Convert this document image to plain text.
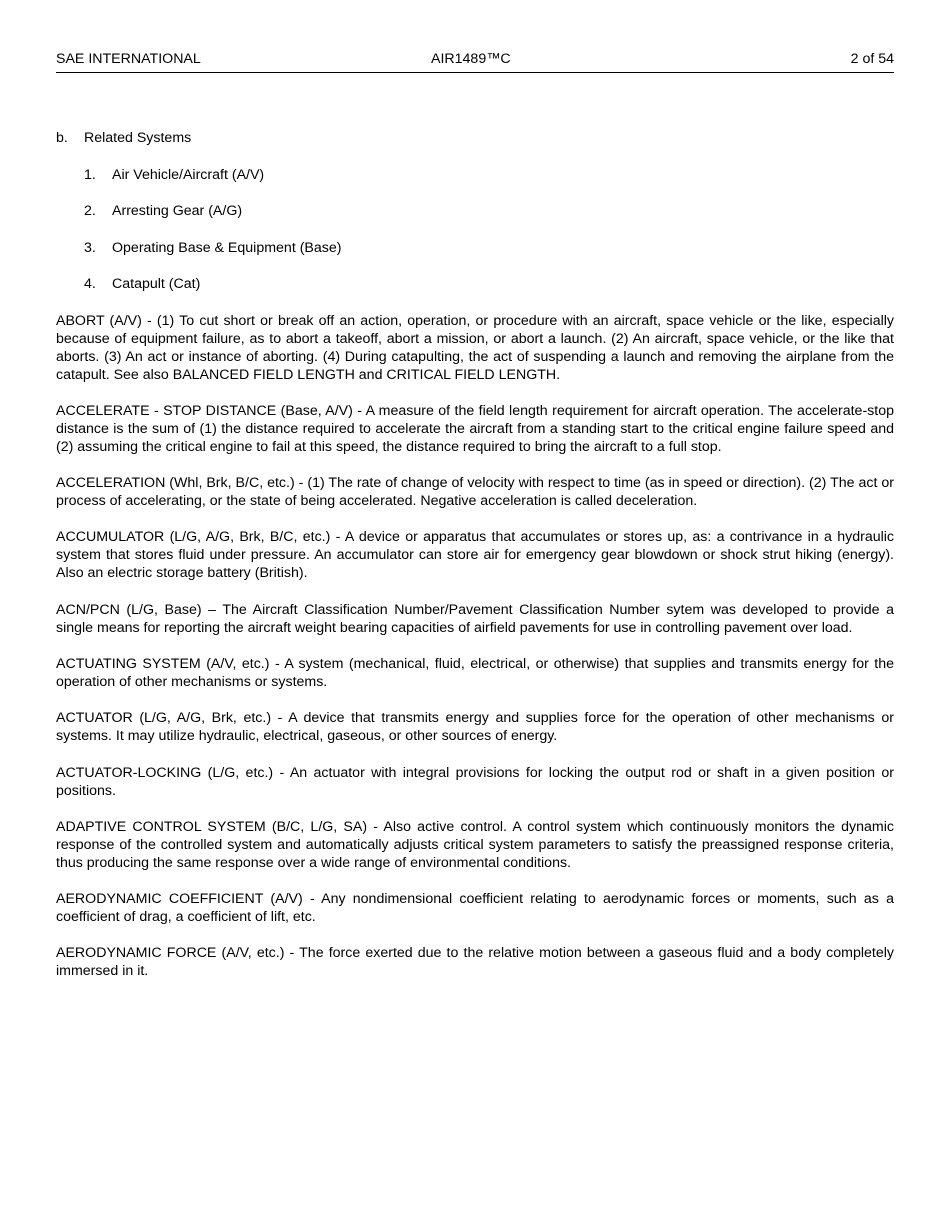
SAE INTERNATIONAL	AIR1489™C	2 of 54
b. Related Systems
1. Air Vehicle/Aircraft (A/V)
2. Arresting Gear (A/G)
3. Operating Base & Equipment (Base)
4. Catapult (Cat)

ABORT (A/V) - (1) To cut short or break off an action, operation, or procedure with an aircraft, space vehicle or the like, especially because of equipment failure, as to abort a takeoff, abort a mission, or abort a launch. (2) An aircraft, space vehicle, or the like that aborts. (3) An act or instance of aborting. (4) During catapulting, the act of suspending a launch and removing the airplane from the catapult. See also BALANCED FIELD LENGTH and CRITICAL FIELD LENGTH.

ACCELERATE - STOP DISTANCE (Base, A/V) - A measure of the field length requirement for aircraft operation. The accelerate-stop distance is the sum of (1) the distance required to accelerate the aircraft from a standing start to the critical engine failure speed and (2) assuming the critical engine to fail at this speed, the distance required to bring the aircraft to a full stop.

ACCELERATION (Whl, Brk, B/C, etc.) - (1) The rate of change of velocity with respect to time (as in speed or direction). (2) The act or process of accelerating, or the state of being accelerated. Negative acceleration is called deceleration.

ACCUMULATOR (L/G, A/G, Brk, B/C, etc.) - A device or apparatus that accumulates or stores up, as: a contrivance in a hydraulic system that stores fluid under pressure. An accumulator can store air for emergency gear blowdown or shock strut hiking (energy). Also an electric storage battery (British).

ACN/PCN (L/G, Base) – The Aircraft Classification Number/Pavement Classification Number sytem was developed to provide a single means for reporting the aircraft weight bearing capacities of airfield pavements for use in controlling pavement over load.

ACTUATING SYSTEM (A/V, etc.) - A system (mechanical, fluid, electrical, or otherwise) that supplies and transmits energy for the operation of other mechanisms or systems.

ACTUATOR (L/G, A/G, Brk, etc.) - A device that transmits energy and supplies force for the operation of other mechanisms or systems. It may utilize hydraulic, electrical, gaseous, or other sources of energy.

ACTUATOR-LOCKING (L/G, etc.) - An actuator with integral provisions for locking the output rod or shaft in a given position or positions.

ADAPTIVE CONTROL SYSTEM (B/C, L/G, SA) - Also active control. A control system which continuously monitors the dynamic response of the controlled system and automatically adjusts critical system parameters to satisfy the preassigned response criteria, thus producing the same response over a wide range of environmental conditions.

AERODYNAMIC COEFFICIENT (A/V) - Any nondimensional coefficient relating to aerodynamic forces or moments, such as a coefficient of drag, a coefficient of lift, etc.

AERODYNAMIC FORCE (A/V, etc.) - The force exerted due to the relative motion between a gaseous fluid and a body completely immersed in it.
